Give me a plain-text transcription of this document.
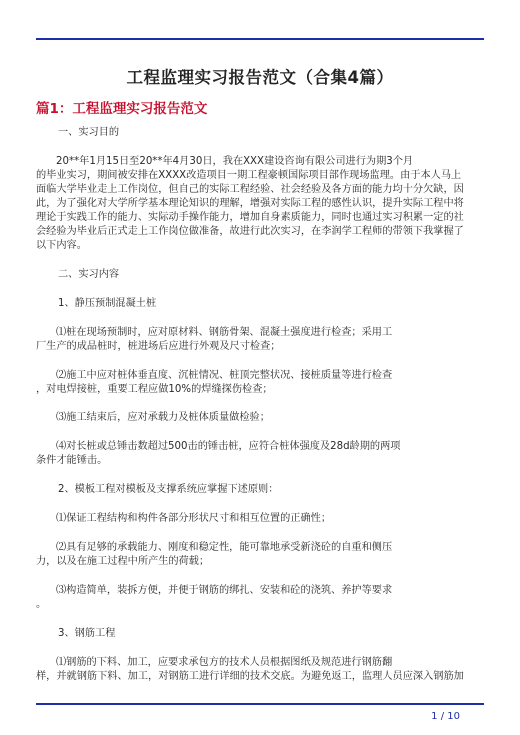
工程监理实习报告范文（合集4篇）
篇1：工程监理实习报告范文
一、实习目的
20**年1月15日至20**年4月30日，我在XXX建设咨询有限公司进行为期3个月
的毕业实习，期间被安排在XXXX改造项目一期工程豪顿国际项目部作现场监理。由于本人马上
面临大学毕业走上工作岗位，但自己的实际工程经验、社会经验及各方面的能力均十分欠缺，因
此，为了强化对大学所学基本理论知识的理解，增强对实际工程的感性认识，提升实际工程中将
理论于实践工作的能力、实际动手操作能力，增加自身素质能力，同时也通过实习积累一定的社
会经验为毕业后正式走上工作岗位做准备，故进行此次实习，在李润学工程师的带领下我掌握了
以下内容。
二、实习内容
1、静压预制混凝土桩
⑴桩在现场预制时，应对原材料、钢筋骨架、混凝土强度进行检查；采用工
厂生产的成品桩时，桩进场后应进行外观及尺寸检查；
⑵施工中应对桩体垂直度、沉桩情况、桩顶完整状况、接桩质量等进行检查
，对电焊接桩，重要工程应做10%的焊缝探伤检查；
⑶施工结束后，应对承载力及桩体质量做检验；
⑷对长桩或总锤击数超过500击的锤击桩，应符合桩体强度及28d龄期的两项
条件才能锤击。
2、模板工程对模板及支撑系统应掌握下述原则：
⑴保证工程结构和构件各部分形状尺寸和相互位置的正确性；
⑵具有足够的承载能力、刚度和稳定性，能可靠地承受新浇砼的自重和侧压
力，以及在施工过程中所产生的荷载；
⑶构造简单，装拆方便，并便于钢筋的绑扎、安装和砼的浇筑、养护等要求
。
3、钢筋工程
⑴钢筋的下料、加工，应要求承包方的技术人员根据图纸及规范进行钢筋翻
样，并就钢筋下料、加工，对钢筋工进行详细的技术交底。为避免返工，监理人员应深入钢筋加
1 / 10
